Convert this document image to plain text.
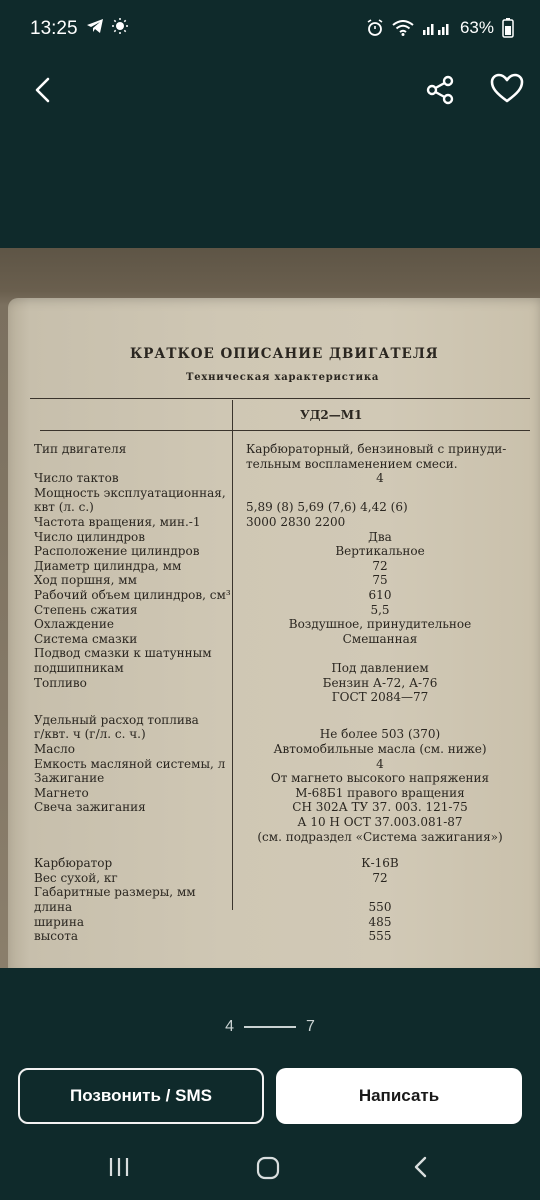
13:25	63%
КРАТКОЕ ОПИСАНИЕ ДВИГАТЕЛЯ
Техническая характеристика
УД2—М1
Тип двигателя	Карбюраторный, бензиновый с принуди-
тельным воспламенением смеси.
Число тактов	4
Мощность эксплуатационная,
квт (л. с.)	5,89 (8) 5,69 (7,6) 4,42 (6)
Частота вращения, мин.-1	3000 2830 2200
Число цилиндров	Два
Расположение цилиндров	Вертикальное
Диаметр цилиндра, мм	72
Ход поршня, мм	75
Рабочий объем цилиндров, см³	610
Степень сжатия	5,5
Охлаждение	Воздушное, принудительное
Система смазки	Смешанная
Подвод смазки к шатунным
подшипникам	Под давлением
Топливо	Бензин А-72, А-76
ГОСТ 2084—77
Удельный расход топлива
г/квт. ч (г/л. с. ч.)	Не более 503 (370)
Масло	Автомобильные масла (см. ниже)
Емкость масляной системы, л	4
Зажигание	От магнето высокого напряжения
Магнето	М-68Б1 правого вращения
Свеча зажигания	СН 302А ТУ 37. 003. 121-75
А 10 Н ОСТ 37.003.081-87
(см. подраздел «Система зажигания»)
Карбюратор	К-16В
Вес сухой, кг	72
Габаритные размеры, мм
длина	550
ширина	485
высота	555
4	7
Позвонить / SMS	Написать
